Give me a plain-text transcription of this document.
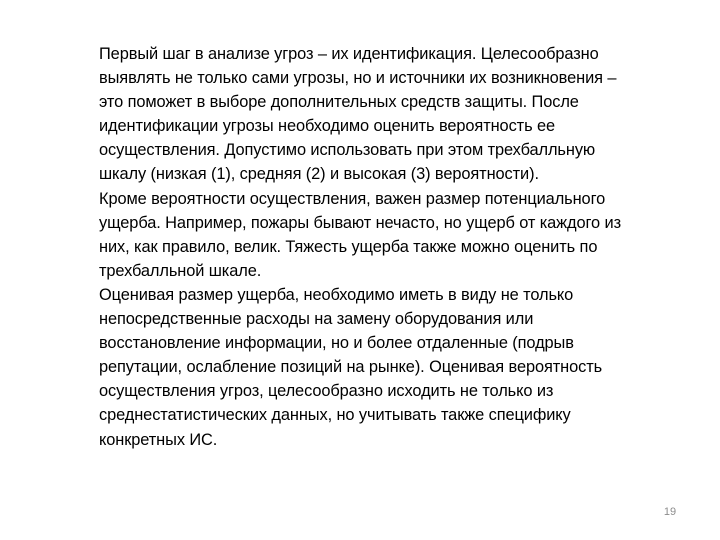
Первый шаг в анализе угроз – их идентификация. Целесообразно
выявлять не только сами угрозы, но и источники их возникновения –
это поможет в выборе дополнительных средств защиты. После
идентификации угрозы необходимо оценить вероятность ее
осуществления. Допустимо использовать при этом трехбалльную
шкалу (низкая (1), средняя (2) и высокая (3) вероятности).

Кроме вероятности осуществления, важен размер потенциального
ущерба. Например, пожары бывают нечасто, но ущерб от каждого из
них, как правило, велик. Тяжесть ущерба также можно оценить по
трехбалльной шкале.

Оценивая размер ущерба, необходимо иметь в виду не только
непосредственные расходы на замену оборудования или
восстановление информации, но и более отдаленные (подрыв
репутации, ослабление позиций на рынке). Оценивая вероятность
осуществления угроз, целесообразно исходить не только из
среднестатистических данных, но учитывать также специфику
конкретных ИС.

19
